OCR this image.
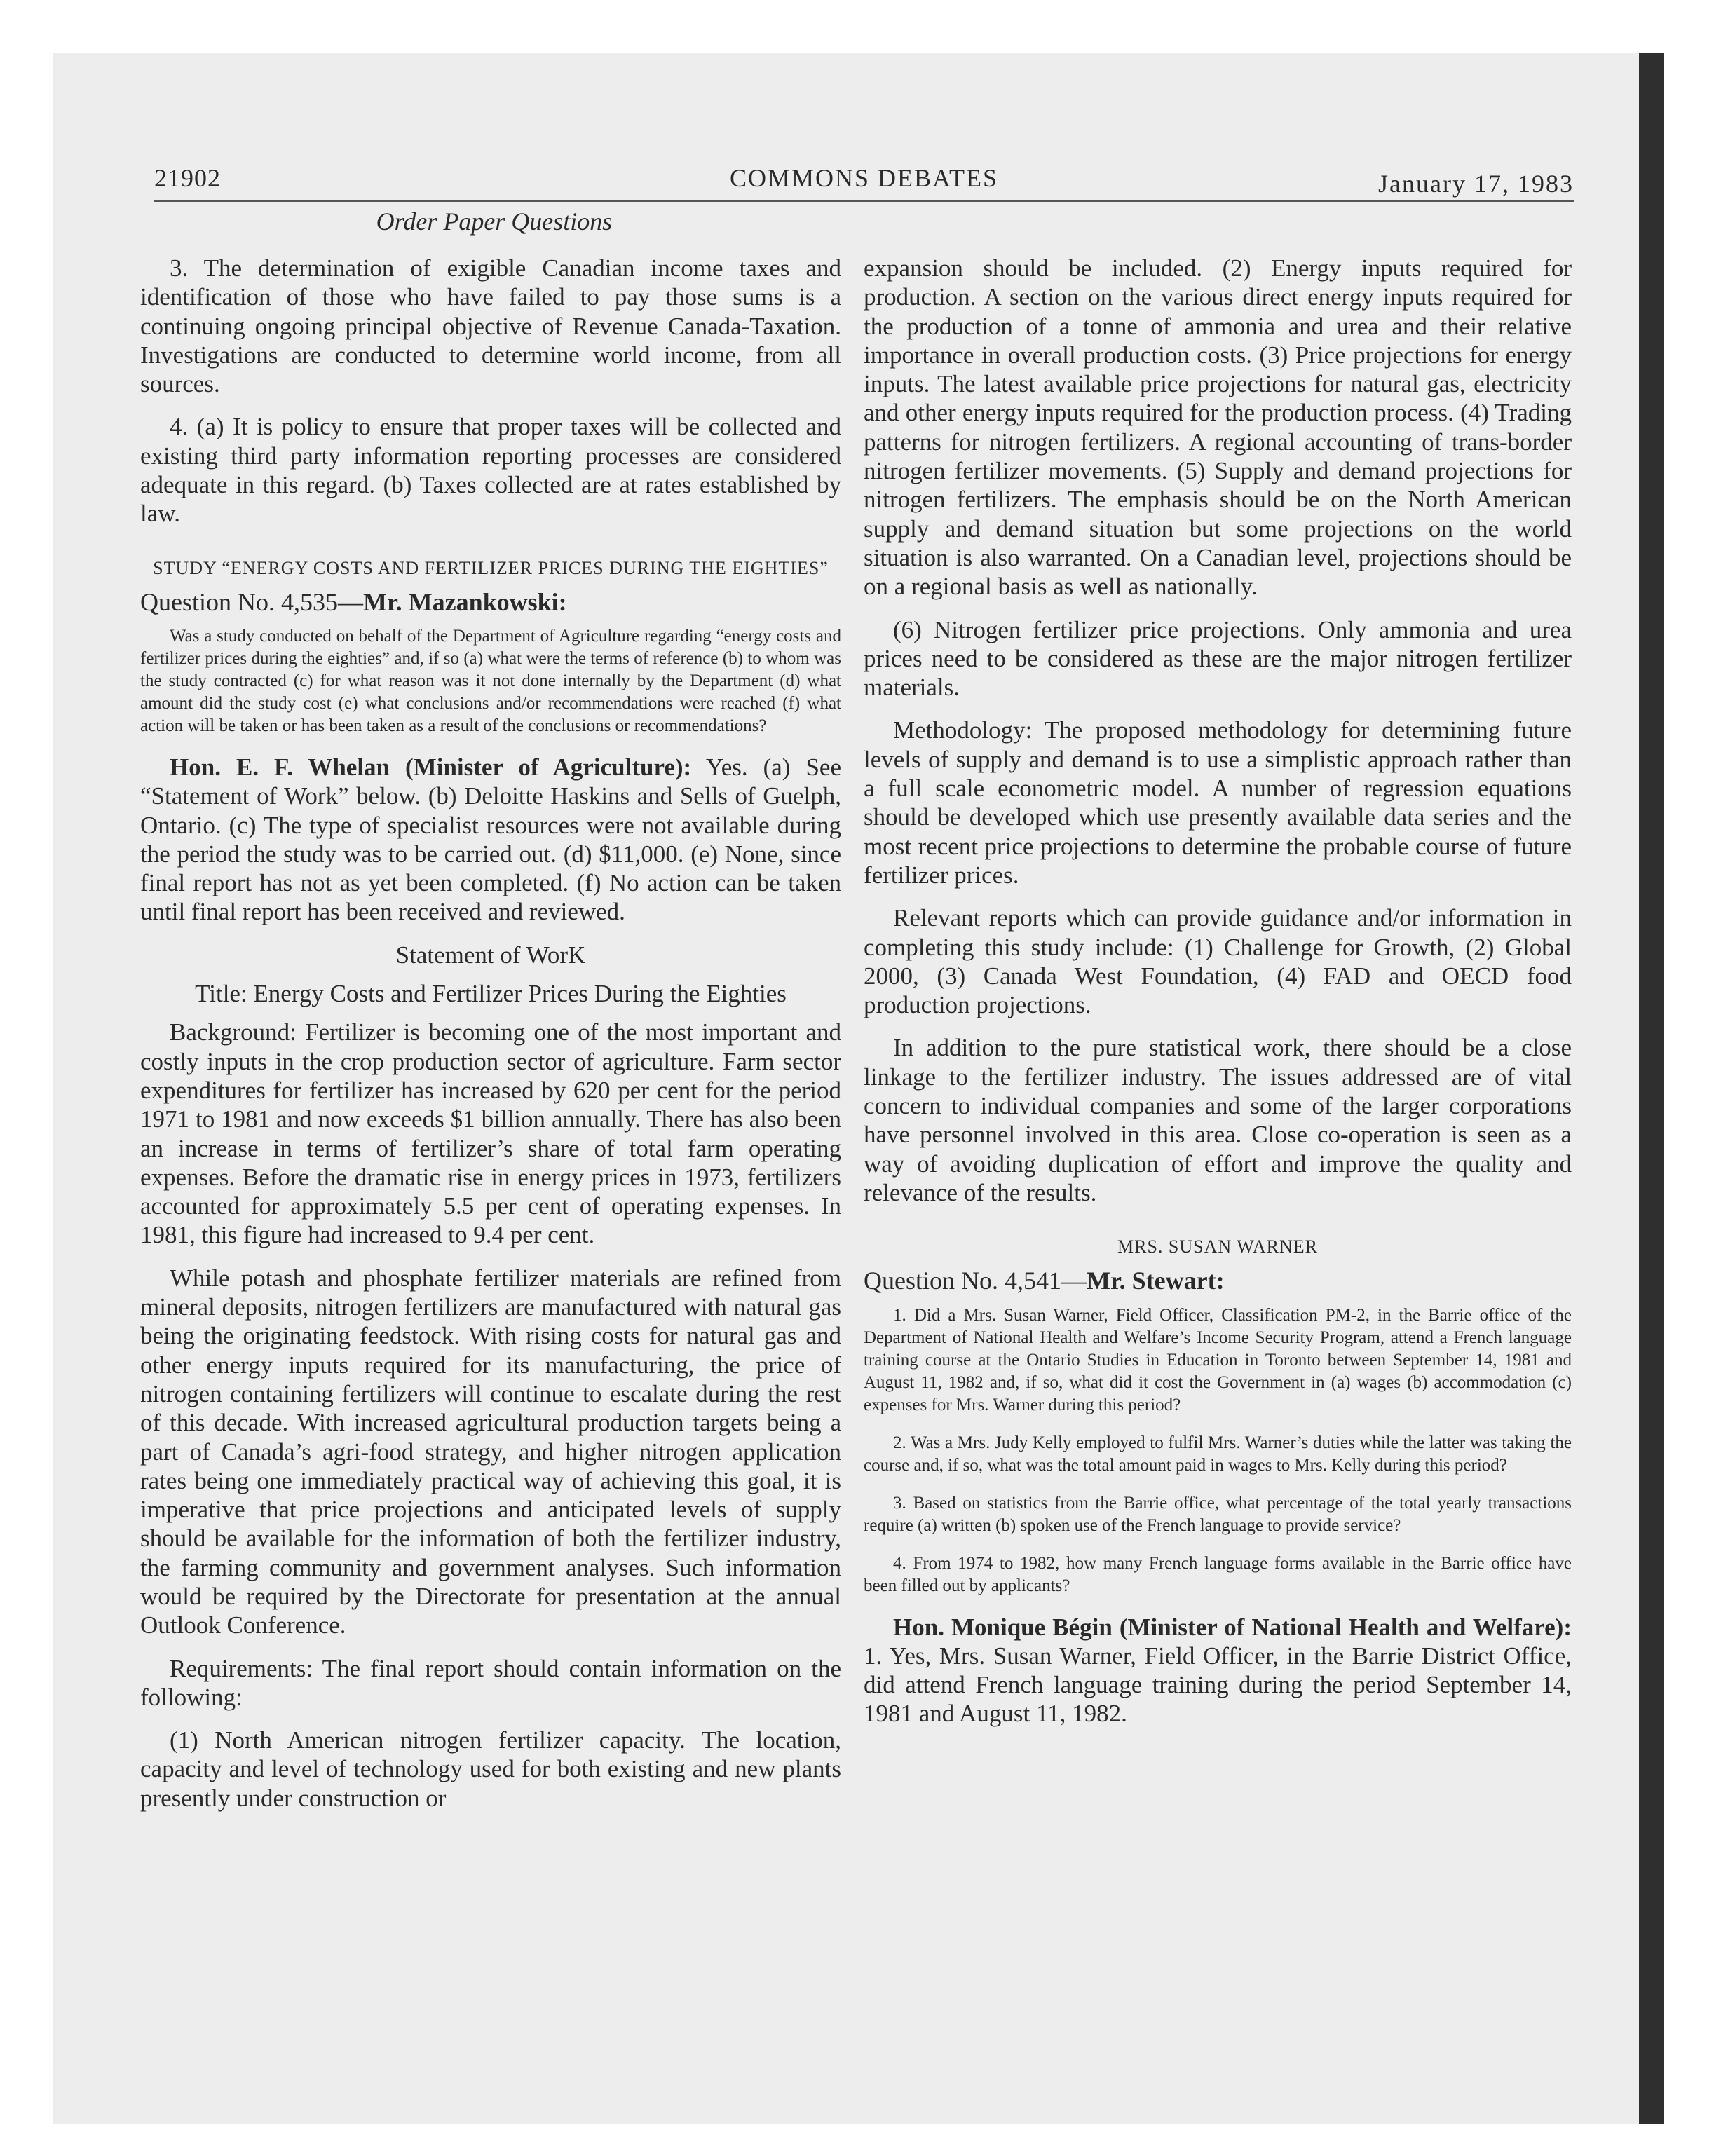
21902	COMMONS DEBATES	January 17, 1983
Order Paper Questions

3. The determination of exigible Canadian income taxes and identification of those who have failed to pay those sums is a continuing ongoing principal objective of Revenue Canada-Taxation. Investigations are conducted to determine world income, from all sources.

4. (a) It is policy to ensure that proper taxes will be collected and existing third party information reporting processes are considered adequate in this regard. (b) Taxes collected are at rates established by law.

STUDY “ENERGY COSTS AND FERTILIZER PRICES DURING THE EIGHTIES”
Question No. 4,535—Mr. Mazankowski:

Was a study conducted on behalf of the Department of Agriculture regarding “energy costs and fertilizer prices during the eighties” and, if so (a) what were the terms of reference (b) to whom was the study contracted (c) for what reason was it not done internally by the Department (d) what amount did the study cost (e) what conclusions and/or recommendations were reached (f) what action will be taken or has been taken as a result of the conclusions or recommendations?

Hon. E. F. Whelan (Minister of Agriculture): Yes. (a) See “Statement of Work” below. (b) Deloitte Haskins and Sells of Guelph, Ontario. (c) The type of specialist resources were not available during the period the study was to be carried out. (d) $11,000. (e) None, since final report has not as yet been completed. (f) No action can be taken until final report has been received and reviewed.

Statement of WorK
Title: Energy Costs and Fertilizer Prices During the Eighties

Background: Fertilizer is becoming one of the most important and costly inputs in the crop production sector of agriculture. Farm sector expenditures for fertilizer has increased by 620 per cent for the period 1971 to 1981 and now exceeds $1 billion annually. There has also been an increase in terms of fertilizer’s share of total farm operating expenses. Before the dramatic rise in energy prices in 1973, fertilizers accounted for approximately 5.5 per cent of operating expenses. In 1981, this figure had increased to 9.4 per cent.

While potash and phosphate fertilizer materials are refined from mineral deposits, nitrogen fertilizers are manufactured with natural gas being the originating feedstock. With rising costs for natural gas and other energy inputs required for its manufacturing, the price of nitrogen containing fertilizers will continue to escalate during the rest of this decade. With increased agricultural production targets being a part of Canada’s agri-food strategy, and higher nitrogen application rates being one immediately practical way of achieving this goal, it is imperative that price projections and anticipated levels of supply should be available for the information of both the fertilizer industry, the farming community and government analyses. Such information would be required by the Directorate for presentation at the annual Outlook Conference.

Requirements: The final report should contain information on the following:

(1) North American nitrogen fertilizer capacity. The location, capacity and level of technology used for both existing and new plants presently under construction or

expansion should be included. (2) Energy inputs required for production. A section on the various direct energy inputs required for the production of a tonne of ammonia and urea and their relative importance in overall production costs. (3) Price projections for energy inputs. The latest available price projections for natural gas, electricity and other energy inputs required for the production process. (4) Trading patterns for nitrogen fertilizers. A regional accounting of trans-border nitrogen fertilizer movements. (5) Supply and demand projections for nitrogen fertilizers. The emphasis should be on the North American supply and demand situation but some projections on the world situation is also warranted. On a Canadian level, projections should be on a regional basis as well as nationally.

(6) Nitrogen fertilizer price projections. Only ammonia and urea prices need to be considered as these are the major nitrogen fertilizer materials.

Methodology: The proposed methodology for determining future levels of supply and demand is to use a simplistic approach rather than a full scale econometric model. A number of regression equations should be developed which use presently available data series and the most recent price projections to determine the probable course of future fertilizer prices.

Relevant reports which can provide guidance and/or information in completing this study include: (1) Challenge for Growth, (2) Global 2000, (3) Canada West Foundation, (4) FAD and OECD food production projections.

In addition to the pure statistical work, there should be a close linkage to the fertilizer industry. The issues addressed are of vital concern to individual companies and some of the larger corporations have personnel involved in this area. Close co-operation is seen as a way of avoiding duplication of effort and improve the quality and relevance of the results.

MRS. SUSAN WARNER
Question No. 4,541—Mr. Stewart:

1. Did a Mrs. Susan Warner, Field Officer, Classification PM-2, in the Barrie office of the Department of National Health and Welfare’s Income Security Program, attend a French language training course at the Ontario Studies in Education in Toronto between September 14, 1981 and August 11, 1982 and, if so, what did it cost the Government in (a) wages (b) accommodation (c) expenses for Mrs. Warner during this period?

2. Was a Mrs. Judy Kelly employed to fulfil Mrs. Warner’s duties while the latter was taking the course and, if so, what was the total amount paid in wages to Mrs. Kelly during this period?

3. Based on statistics from the Barrie office, what percentage of the total yearly transactions require (a) written (b) spoken use of the French language to provide service?

4. From 1974 to 1982, how many French language forms available in the Barrie office have been filled out by applicants?

Hon. Monique Bégin (Minister of National Health and Welfare): 1. Yes, Mrs. Susan Warner, Field Officer, in the Barrie District Office, did attend French language training during the period September 14, 1981 and August 11, 1982.
